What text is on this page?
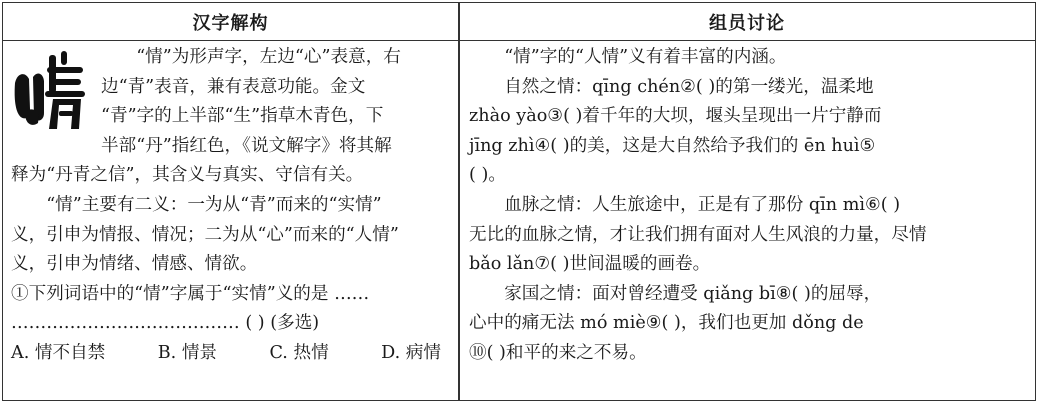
汉字解构	组员讨论
“情”为形声字，左边“心”表意，右
边“青”表音，兼有表意功能。金文
“青”字的上半部“生”指草木青色，下
半部“丹”指红色，《说文解字》将其解
释为“丹青之信”，其含义与真实、守信有关。
“情”主要有二义：一为从“青”而来的“实情”
义，引申为情报、情况；二为从“心”而来的“人情”
义，引申为情绪、情感、情欲。
①下列词语中的“情”字属于“实情”义的是 ……
………………………………… ( ) (多选)
A. 情不自禁	B. 情景	C. 热情	D. 病情
“情”字的“人情”义有着丰富的内涵。
自然之情：qīng chén②( )的第一缕光，温柔地
zhào yào③( )着千年的大坝，堰头呈现出一片宁静而
jīng zhì④( )的美，这是大自然给予我们的 ēn huì⑤
( )。
血脉之情：人生旅途中，正是有了那份 qīn mì⑥( )
无比的血脉之情，才让我们拥有面对人生风浪的力量，尽情
bǎo lǎn⑦( )世间温暖的画卷。
家国之情：面对曾经遭受 qiǎng bī⑧( )的屈辱，
心中的痛无法 mó miè⑨( )，我们也更加 dǒng de
⑩( )和平的来之不易。
